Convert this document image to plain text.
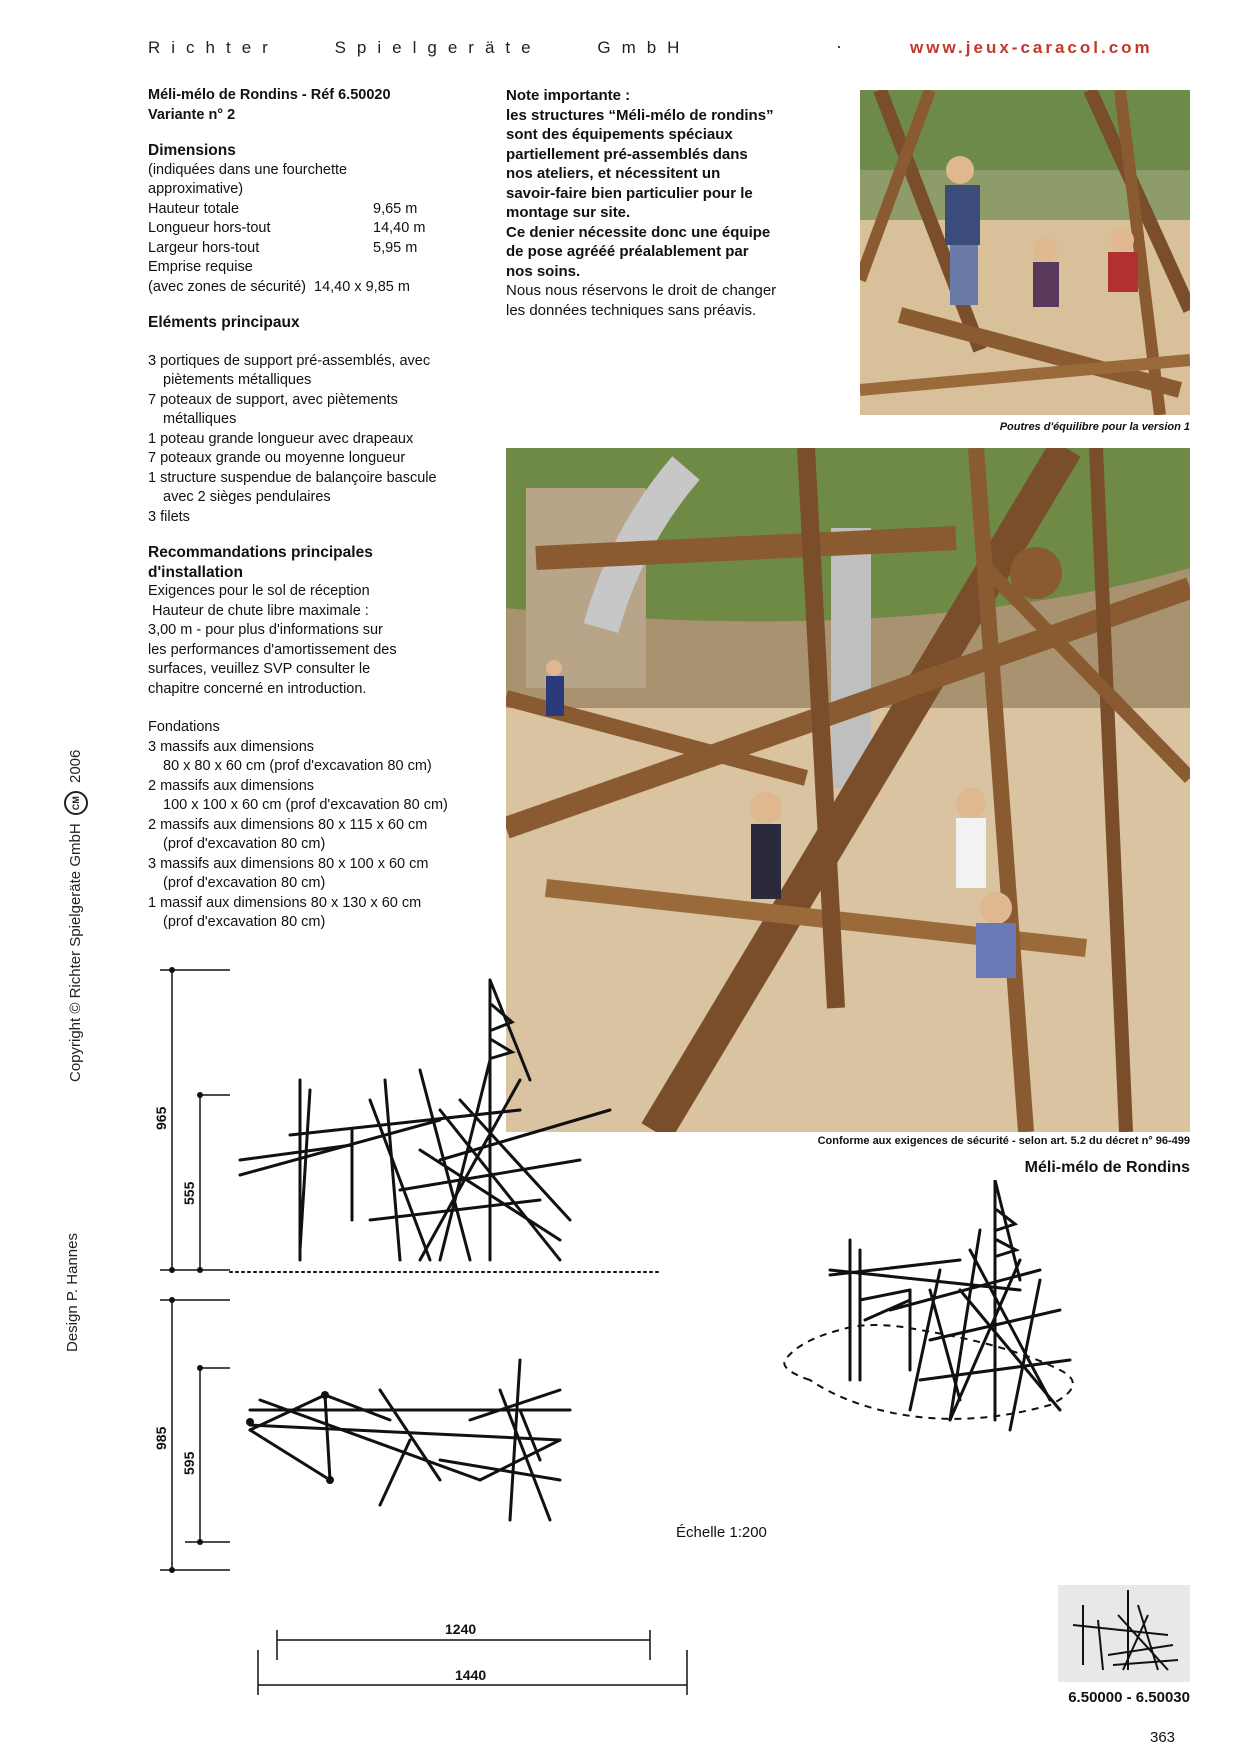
Richter	Spielgeräte	GmbH	·	www.jeux-caracol.com

Méli-mélo de Rondins - Réf 6.50020

Variante n° 2

Dimensions

(indiquées dans une fourchette

approximative)

Hauteur totale	9,65 m
Longueur hors-tout	14,40 m
Largeur hors-tout	5,95 m

Emprise requise

(avec zones de sécurité)  14,40 x 9,85 m

Eléments principaux

3 portiques de support pré-assemblés, avec

piètements métalliques

7 poteaux de support, avec piètements

métalliques

1 poteau grande longueur avec drapeaux

7 poteaux grande ou moyenne longueur

1 structure suspendue de balançoire bascule

avec 2 sièges pendulaires

3 filets

Recommandations principales

d'installation

Exigences pour le sol de réception

Hauteur de chute libre maximale :

3,00 m - pour plus d'informations sur

les performances d'amortissement des

surfaces, veuillez SVP consulter le

chapitre concerné en introduction.

Fondations

3 massifs aux dimensions

80 x 80 x 60 cm (prof d'excavation 80 cm)

2 massifs aux dimensions

100 x 100 x 60 cm (prof d'excavation 80 cm)

2 massifs aux dimensions 80 x 115 x 60 cm

(prof d'excavation 80 cm)

3 massifs aux dimensions 80 x 100 x 60 cm

(prof d'excavation 80 cm)

1 massif aux dimensions 80 x 130 x 60 cm

(prof d'excavation 80 cm)

Note importante :
les structures “Méli-mélo de rondins”
sont des équipements spéciaux
partiellement pré-assemblés dans
nos ateliers, et nécessitent un
savoir-faire bien particulier pour le
montage sur site.
Ce denier nécessite donc une équipe
de pose agrééé préalablement par
nos soins.
Nous nous réservons le droit de changer
les données techniques sans préavis.
Poutres d'équilibre pour la version 1
Conforme aux exigences de sécurité - selon art. 5.2 du décret n° 96-499
Méli-mélo de Rondins
Copyright © Richter Spielgeräte GmbH CM 2006
Design P. Hannes
965
555
985
595
1240
1440
Échelle 1:200
6.50000 - 6.50030
363
